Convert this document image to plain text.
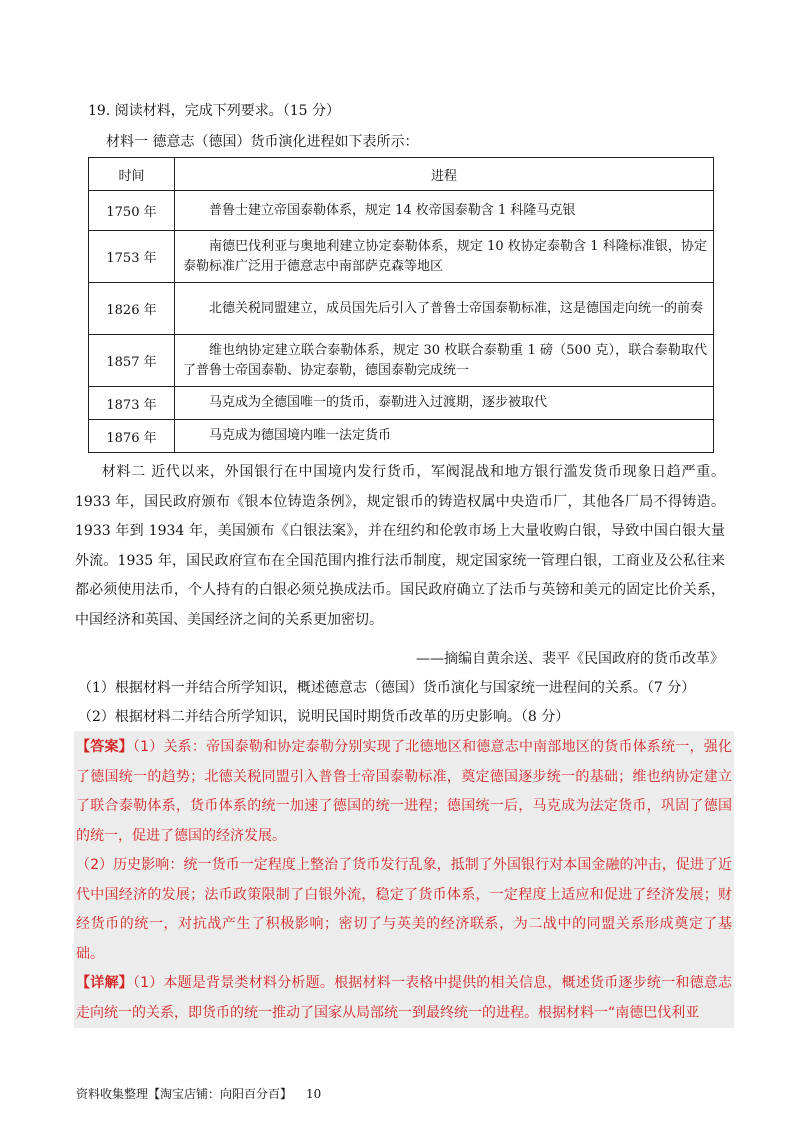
19. 阅读材料，完成下列要求。（15 分）
材料一 德意志（德国）货币演化进程如下表所示：
时间	进程
1750 年	普鲁士建立帝国泰勒体系，规定 14 枚帝国泰勒含 1 科隆马克银
1753 年	南德巴伐利亚与奥地利建立协定泰勒体系，规定 10 枚协定泰勒含 1 科隆标准银，协定泰勒标准广泛用于德意志中南部萨克森等地区
1826 年	北德关税同盟建立，成员国先后引入了普鲁士帝国泰勒标准，这是德国走向统一的前奏
1857 年	维也纳协定建立联合泰勒体系，规定 30 枚联合泰勒重 1 磅（500 克），联合泰勒取代了普鲁士帝国泰勒、协定泰勒，德国泰勒完成统一
1873 年	马克成为全德国唯一的货币，泰勒进入过渡期，逐步被取代
1876 年	马克成为德国境内唯一法定货币
材料二 近代以来，外国银行在中国境内发行货币，军阀混战和地方银行滥发货币现象日趋严重。1933 年，国民政府颁布《银本位铸造条例》，规定银币的铸造权属中央造币厂，其他各厂局不得铸造。1933 年到 1934 年，美国颁布《白银法案》，并在纽约和伦敦市场上大量收购白银，导致中国白银大量外流。1935 年，国民政府宣布在全国范围内推行法币制度，规定国家统一管理白银，工商业及公私往来都必须使用法币，个人持有的白银必须兑换成法币。国民政府确立了法币与英镑和美元的固定比价关系，中国经济和英国、美国经济之间的关系更加密切。
——摘编自黄余送、裴平《民国政府的货币改革》
（1）根据材料一并结合所学知识，概述德意志（德国）货币演化与国家统一进程间的关系。（7 分）
（2）根据材料二并结合所学知识，说明民国时期货币改革的历史影响。（8 分）

【答案】（1）关系：帝国泰勒和协定泰勒分别实现了北德地区和德意志中南部地区的货币体系统一，强化了德国统一的趋势；北德关税同盟引入普鲁士帝国泰勒标准，奠定德国逐步统一的基础；维也纳协定建立了联合泰勒体系，货币体系的统一加速了德国的统一进程；德国统一后，马克成为法定货币，巩固了德国的统一，促进了德国的经济发展。

（2）历史影响：统一货币一定程度上整治了货币发行乱象，抵制了外国银行对本国金融的冲击，促进了近代中国经济的发展；法币政策限制了白银外流，稳定了货币体系，一定程度上适应和促进了经济发展；财经货币的统一，对抗战产生了积极影响；密切了与英美的经济联系，为二战中的同盟关系形成奠定了基础。

【详解】（1）本题是背景类材料分析题。根据材料一表格中提供的相关信息，概述货币逐步统一和德意志走向统一的关系，即货币的统一推动了国家从局部统一到最终统一的进程。根据材料一“南德巴伐利亚

资料收集整理【淘宝店铺：向阳百分百】 10
